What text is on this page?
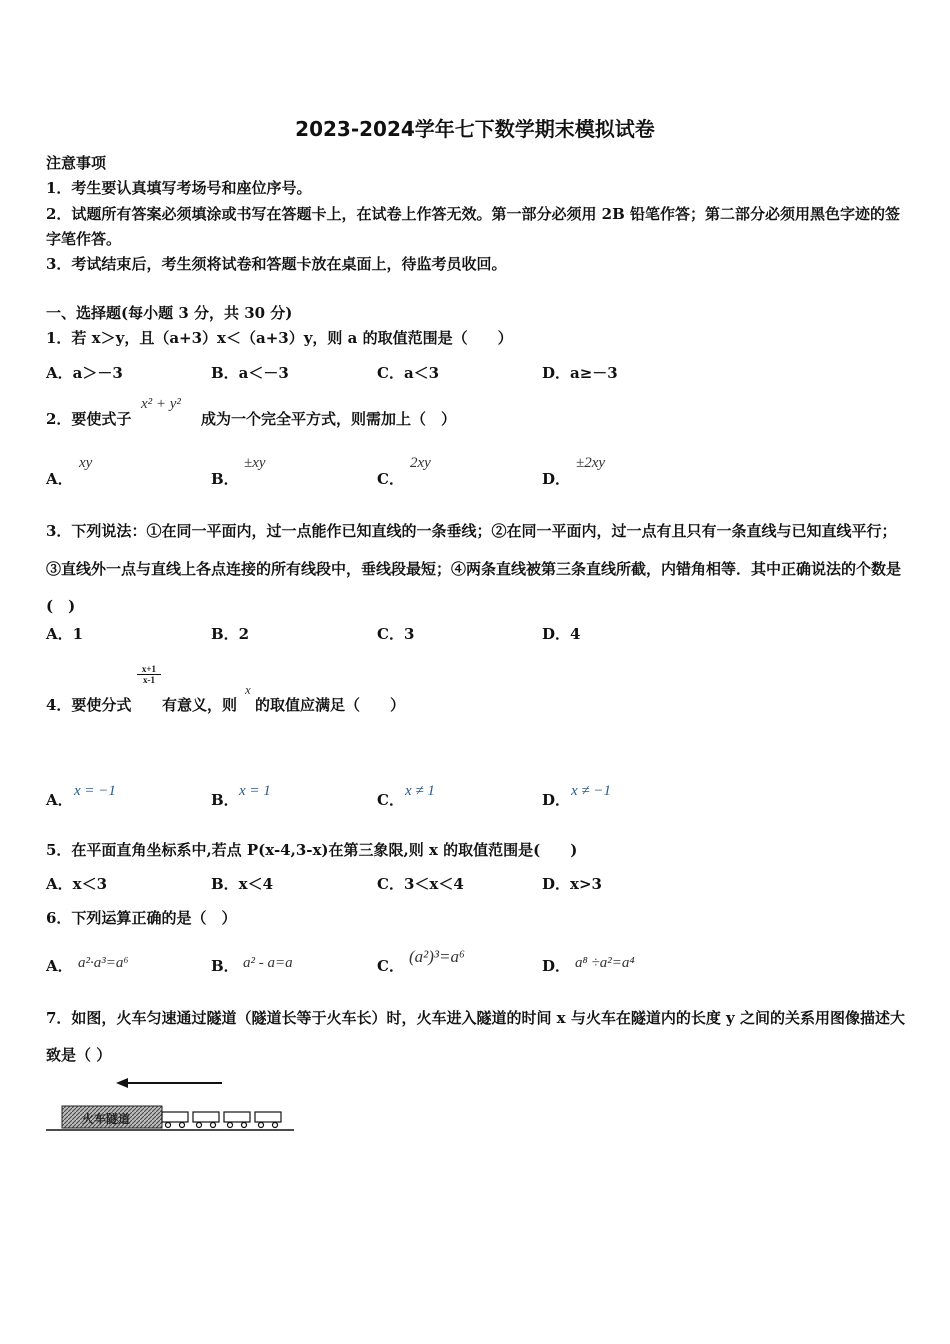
2023-2024学年七下数学期末模拟试卷
注意事项
1．考生要认真填写考场号和座位序号。
2．试题所有答案必须填涂或书写在答题卡上，在试卷上作答无效。第一部分必须用 2B 铅笔作答；第二部分必须用黑色字迹的签字笔作答。
3．考试结束后，考生须将试卷和答题卡放在桌面上，待监考员收回。
一、选择题(每小题 3 分，共 30 分)
1．若 x＞y，且（a+3）x＜（a+3）y，则 a 的取值范围是（　　）
A．a＞－3	B．a＜－3	C．a＜3	D．a≥－3
2．要使式子
x² + y²
成为一个完全平方式，则需加上（　）
A．
xy
B．
±xy
C．
2xy
D．
±2xy
3．下列说法：①在同一平面内，过一点能作已知直线的一条垂线；②在同一平面内，过一点有且只有一条直线与已知直线平行；③直线外一点与直线上各点连接的所有线段中，垂线段最短；④两条直线被第三条直线所截，内错角相等．其中正确说法的个数是(　)
A．1	B．2	C．3	D．4
4．要使分式
$\frac{x+1}{x-1}$
有意义，则
x
的取值应满足（　　）
A． x = −1	B． x = 1	C． x ≠ 1	D． x ≠ −1
5．在平面直角坐标系中,若点 P(x-4,3-x)在第三象限,则 x 的取值范围是(　　)
A．x＜3	B．x＜4	C．3＜x＜4	D．x>3
6．下列运算正确的是（　）
A． a²·a³=a⁶	B． a² - a=a	C． (a²)³=a⁶	D． a⁸ ÷a²=a⁴
7．如图，火车匀速通过隧道（隧道长等于火车长）时，火车进入隧道的时间 x 与火车在隧道内的长度 y 之间的关系用图像描述大致是（ ）
火车隧道
